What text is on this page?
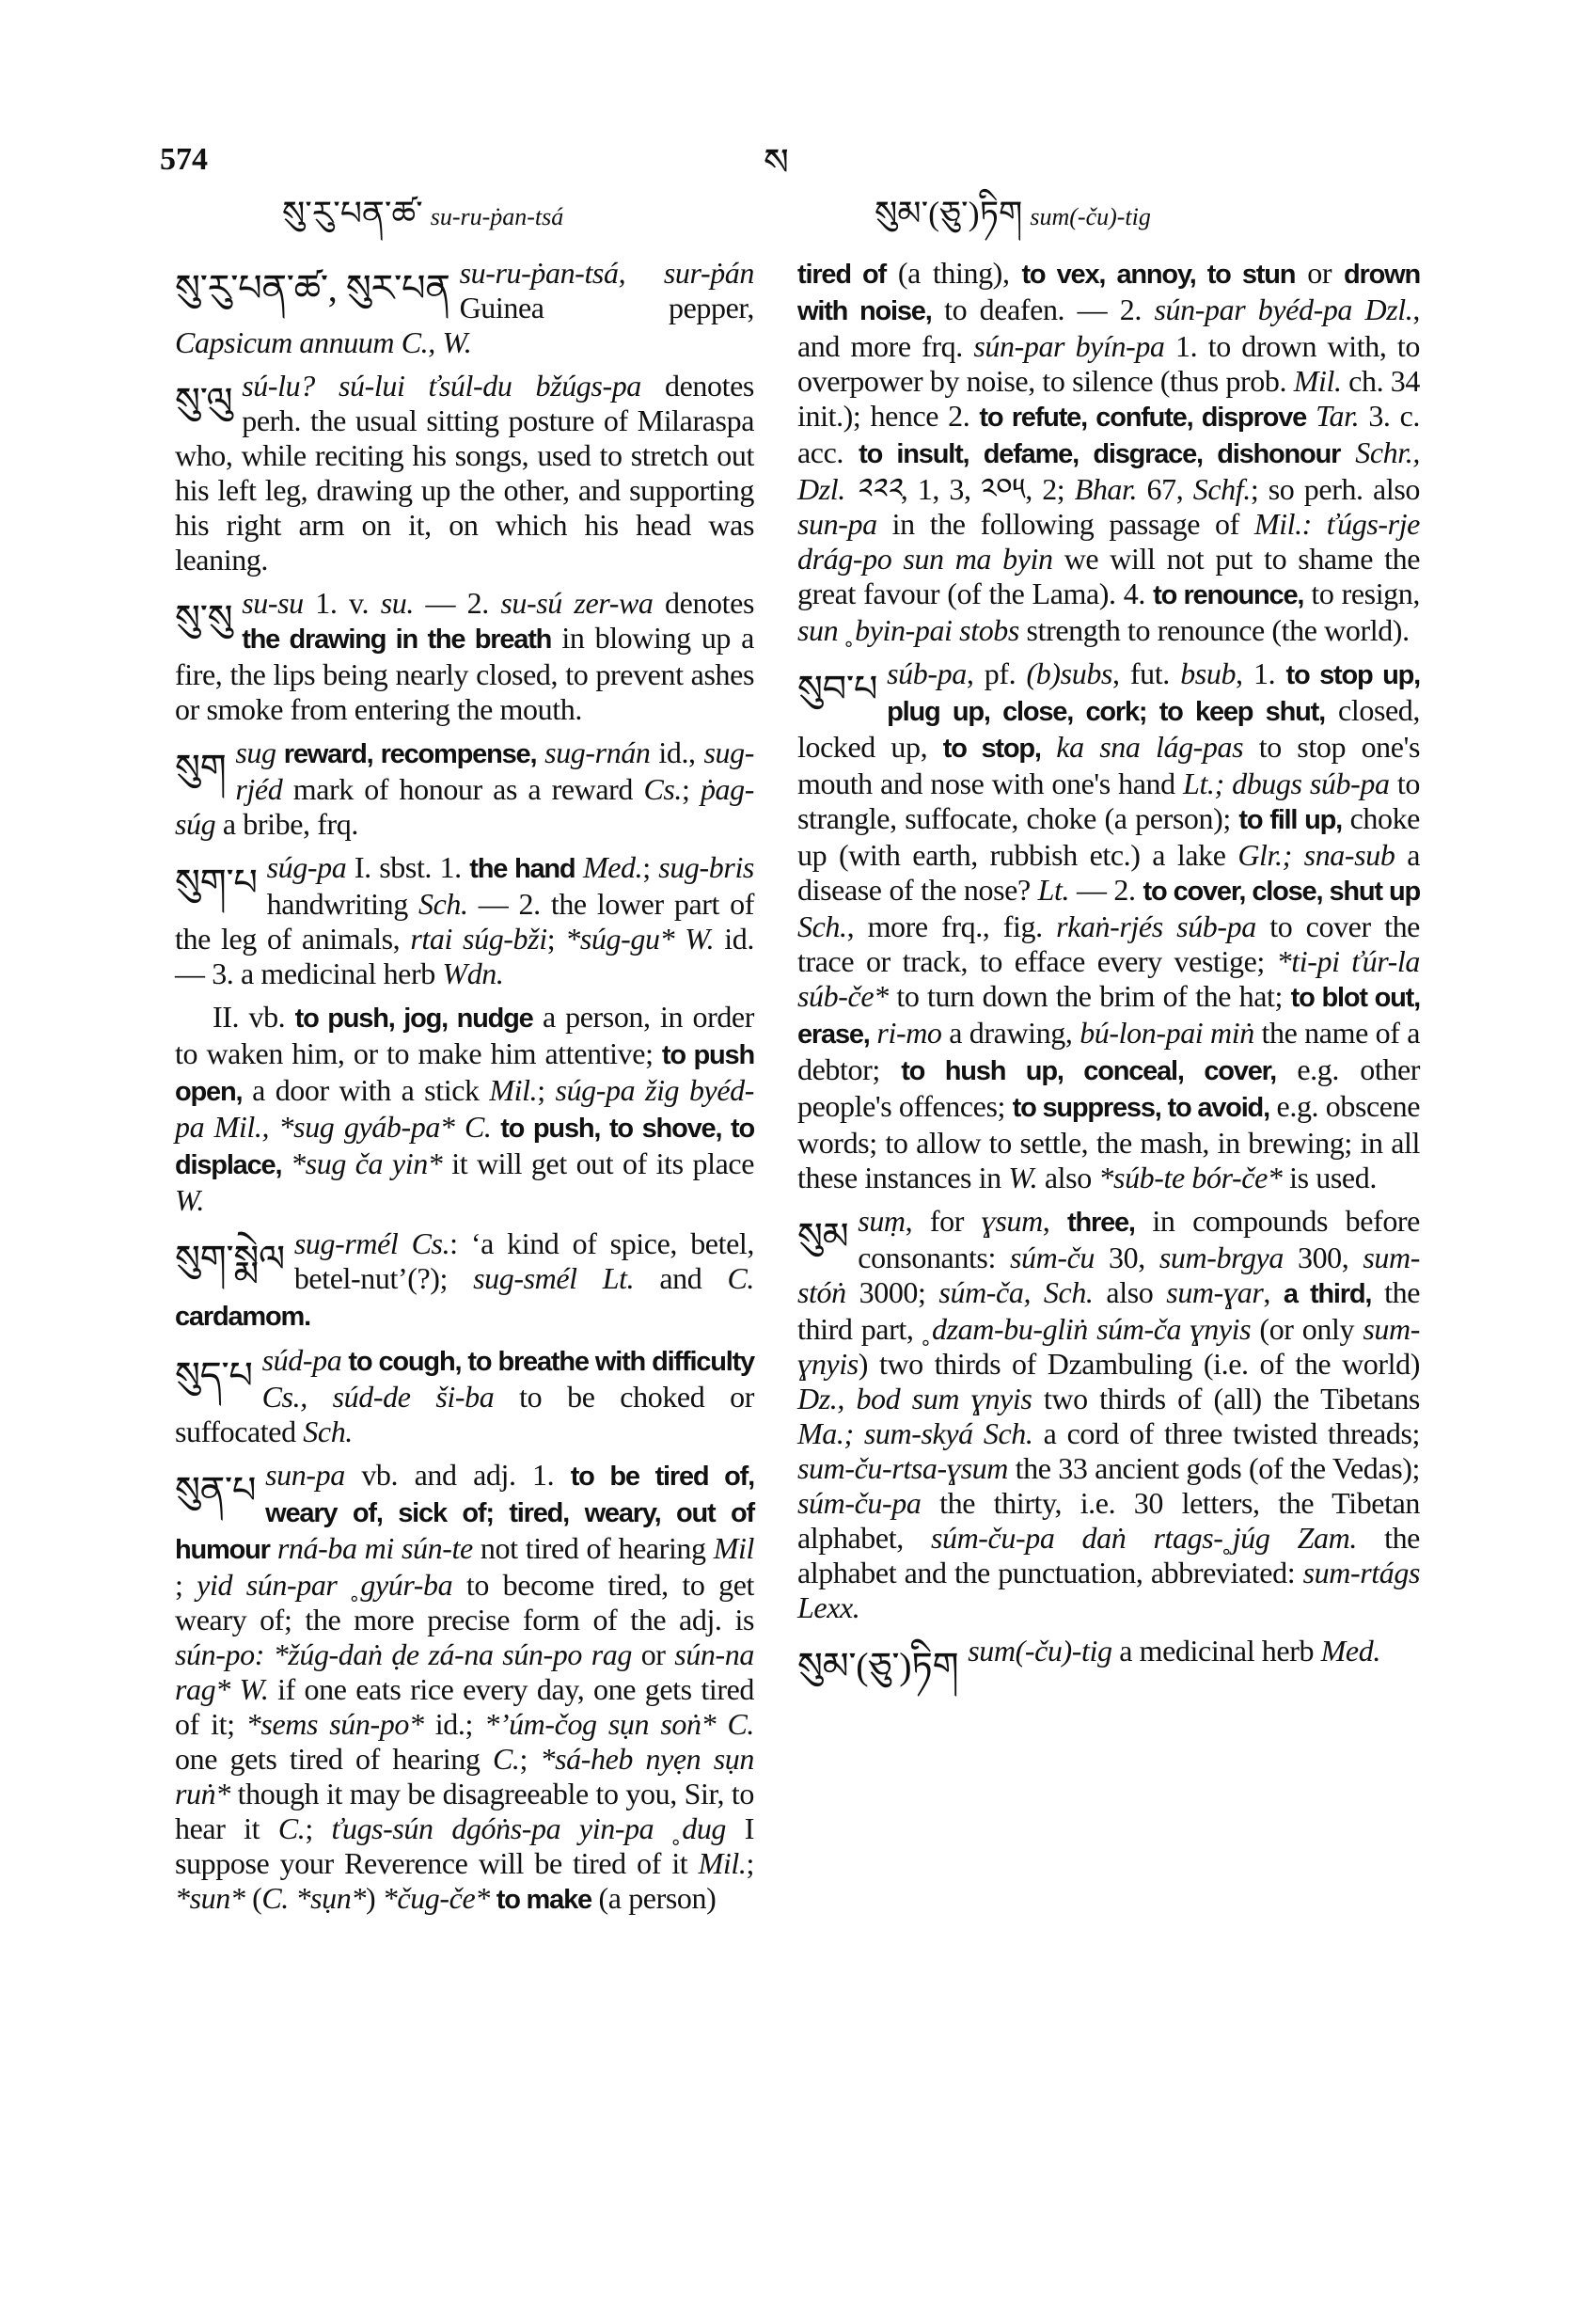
574	ས
སུ་རུ་པན་ཚ་ su-ru-ṗan-tsá	སུམ་(ཅུ་)ཏིག sum(-ču)-tig
སུ་རུ་པན་ཚ་, སུར་པན su-ru-ṗan-tsá, sur-ṗán Guinea pepper, Capsicum annuum C., W.
སུ་ལུ sú-lu? sú-lui ťsúl-du bžúgs-pa denotes perh. the usual sitting posture of Milaraspa who, while reciting his songs, used to stretch out his left leg, drawing up the other, and supporting his right arm on it, on which his head was leaning.
སུ་སུ su-su 1. v. su. — 2. su-sú zer-wa denotes the drawing in the breath in blowing up a fire, the lips being nearly closed, to prevent ashes or smoke from entering the mouth.
སུག sug reward, recompense, sug-rnán id., sug-rjéd mark of honour as a reward Cs.; ṗag-súg a bribe, frq.
སུག་པ súg-pa I. sbst. 1. the hand Med.; sug-bris handwriting Sch. — 2. the lower part of the leg of animals, rtai súg-bži; *súg-gu* W. id. — 3. a medicinal herb Wdn.
II. vb. to push, jog, nudge a person, in order to waken him, or to make him attentive; to push open, a door with a stick Mil.; súg-pa žig byéd-pa Mil., *sug gyáb-pa* C. to push, to shove, to displace, *sug ča yin* it will get out of its place W.
སུག་སྨེལ sug-rmél Cs.: ‘a kind of spice, betel, betel-nut’(?); sug-smél Lt. and C. cardamom.
སུད་པ súd-pa to cough, to breathe with difficulty Cs., súd-de ši-ba to be choked or suffocated Sch.
སུན་པ sun-pa vb. and adj. 1. to be tired of, weary of, sick of; tired, weary, out of humour rná-ba mi sún-te not tired of hearing Mil ; yid sún-par ˳gyúr-ba to become tired, to get weary of; the more precise form of the adj. is sún-po: *žúg-daṅ ḍe zá-na sún-po rag or sún-na rag* W. if one eats rice every day, one gets tired of it; *sems sún-po* id.; *’úm-čog sụn soṅ* C. one gets tired of hearing C.; *sá-heb nyẹn sụn ruṅ* though it may be disagreeable to you, Sir, to hear it C.; ťugs-sún dgóṅs-pa yin-pa ˳dug I suppose your Reverence will be tired of it Mil.; *sun* (C. *sụn*) *čug-če* to make (a person)
tired of (a thing), to vex, annoy, to stun or drown with noise, to deafen. — 2. sún-par byéd-pa Dzl., and more frq. sún-par byín-pa 1. to drown with, to overpower by noise, to silence (thus prob. Mil. ch. 34 init.); hence 2. to refute, confute, disprove Tar. 3. c. acc. to insult, defame, disgrace, dishonour Schr., Dzl. ༢༢༢, 1, 3, ༢༠༥, 2; Bhar. 67, Schf.; so perh. also sun-pa in the following passage of Mil.: ťúgs-rje drág-po sun ma byin we will not put to shame the great favour (of the Lama). 4. to renounce, to resign, sun ˳byin-pai stobs strength to renounce (the world).
སུབ་པ súb-pa, pf. (b)subs, fut. bsub, 1. to stop up, plug up, close, cork; to keep shut, closed, locked up, to stop, ka sna lág-pas to stop one's mouth and nose with one's hand Lt.; dbugs súb-pa to strangle, suffocate, choke (a person); to fill up, choke up (with earth, rubbish etc.) a lake Glr.; sna-sub a disease of the nose? Lt. — 2. to cover, close, shut up Sch., more frq., fig. rkaṅ-rjés súb-pa to cover the trace or track, to efface every vestige; *ti-pi ťúr-la súb-če* to turn down the brim of the hat; to blot out, erase, ri-mo a drawing, bú-lon-pai miṅ the name of a debtor; to hush up, conceal, cover, e.g. other people's offences; to suppress, to avoid, e.g. obscene words; to allow to settle, the mash, in brewing; in all these instances in W. also *súb-te bór-če* is used.
སུམ suṃ, for ɣsum, three, in compounds before consonants: súm-ču 30, sum-brgya 300, sum-stóṅ 3000; súm-ča, Sch. also sum-ɣar, a third, the third part, ˳dzam-bu-gliṅ súm-ča ɣnyis (or only sum-ɣnyis) two thirds of Dzambuling (i.e. of the world) Dz., bod sum ɣnyis two thirds of (all) the Tibetans Ma.; sum-skyá Sch. a cord of three twisted threads; sum-ču-rtsa-ɣsum the 33 ancient gods (of the Vedas); súm-ču-pa the thirty, i.e. 30 letters, the Tibetan alphabet, súm-ču-pa daṅ rtags-˳júg Zam. the alphabet and the punctuation, abbreviated: sum-rtágs Lexx.
སུམ་(ཅུ་)ཏིག sum(-ču)-tig a medicinal herb Med.
